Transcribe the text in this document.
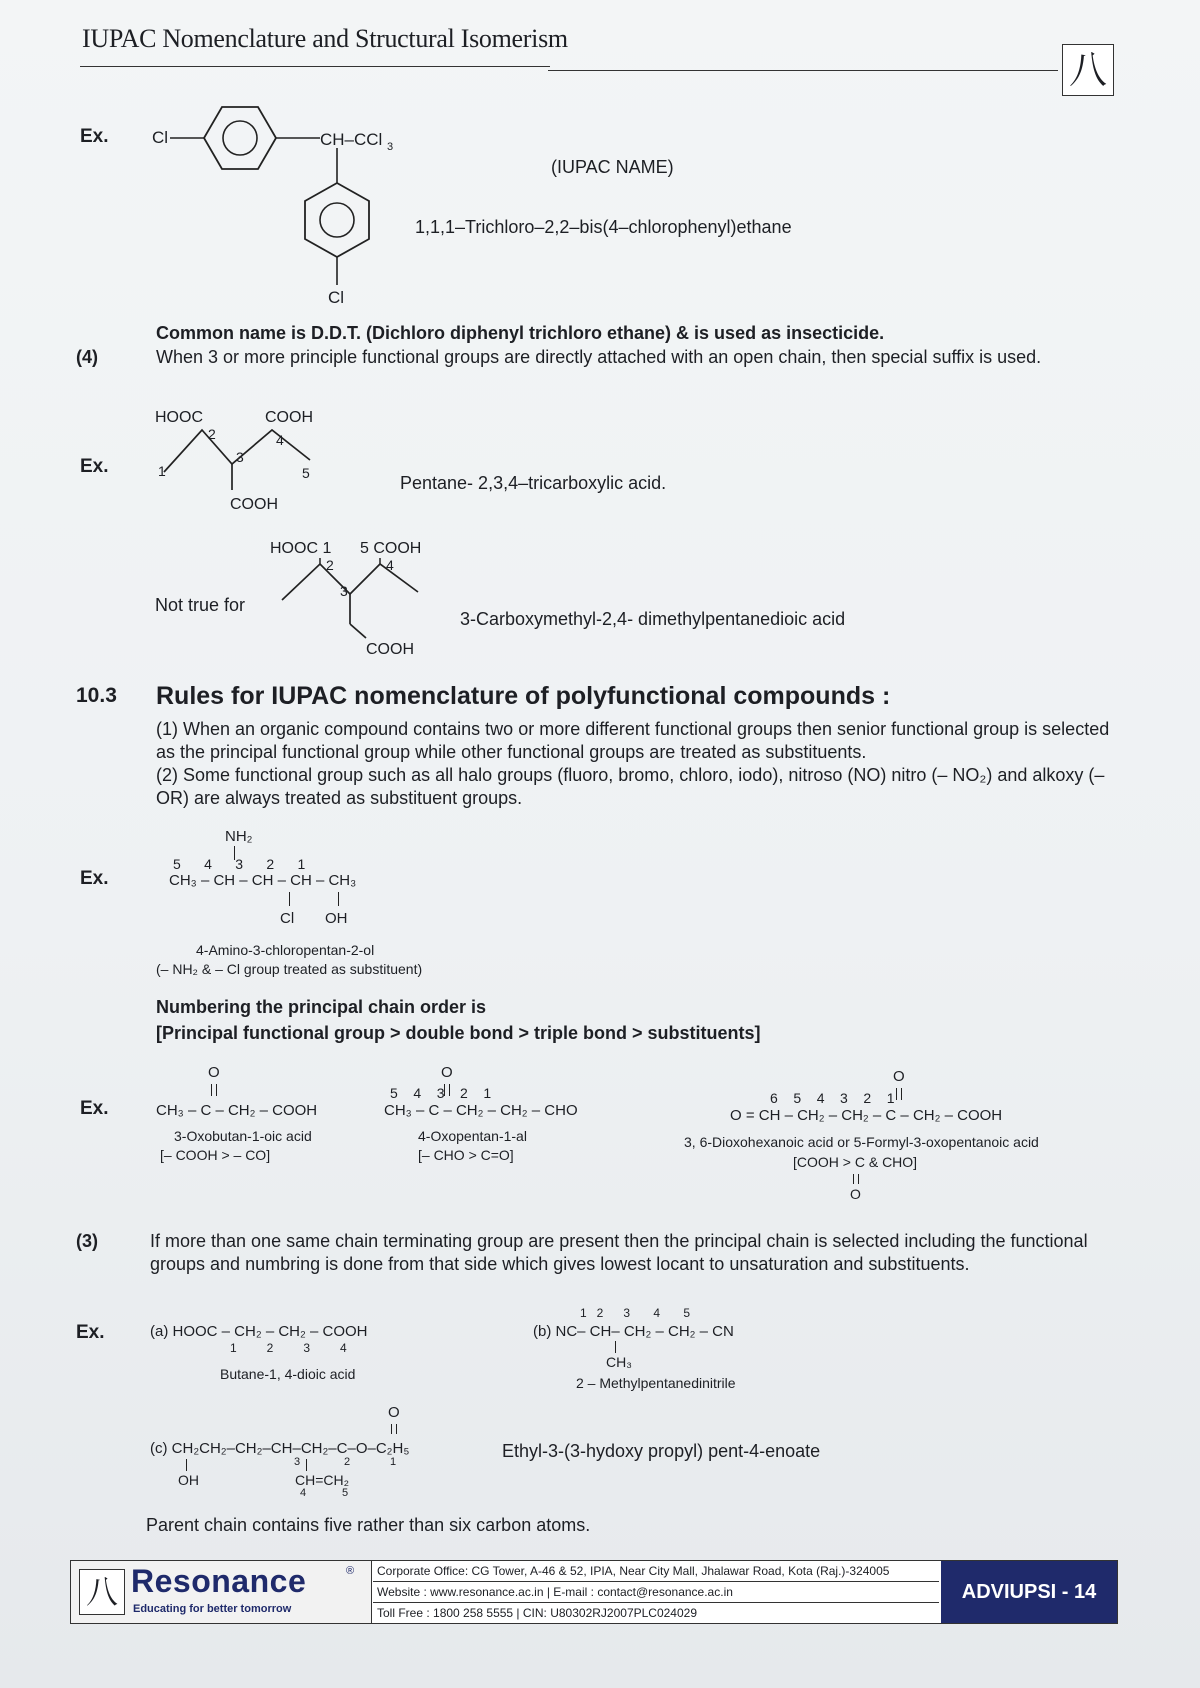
IUPAC Nomenclature and Structural Isomerism
八
Ex.	Cl	CH–CCl 3
Cl
(IUPAC NAME)
1,1,1–Trichloro–2,2–bis(4–chlorophenyl)ethane
Common name is D.D.T. (Dichloro diphenyl trichloro ethane) & is used as insecticide.
(4)	When 3 or more principle functional groups are directly attached with an open chain, then special suffix is used.
Ex.
HOOC	COOH
COOH
1
2
3
4
5	Pentane- 2,3,4–tricarboxylic acid.
Not true for
HOOC 1 5 COOH
COOH
2
3
4
3-Carboxymethyl-2,4- dimethylpentanedioic acid
10.3 Rules for IUPAC nomenclature of polyfunctional compounds :
(1) When an organic compound contains two or more different functional groups then senior functional group is selected as the principal functional group while other functional groups are treated as substituents.
(2) Some functional group such as all halo groups (fluoro, bromo, chloro, iodo), nitroso (NO) nitro (– NO₂) and alkoxy (–OR) are always treated as substituent groups.
Ex.
NH₂
5      4      3      2      1
CH₃ – CH – CH – CH – CH₃
Cl OH
4-Amino-3-chloropentan-2-ol
(– NH₂ & – Cl group treated as substituent)
Numbering the principal chain order is
[Principal functional group > double bond > triple bond > substituents]
Ex.
O
CH₃ – C – CH₂ – COOH
3-Oxobutan-1-oic acid
[– COOH > – CO]
O
5    4    3    2    1
CH₃ – C – CH₂ – CH₂ – CHO
4-Oxopentan-1-al
[– CHO > C=O]
O
6    5    4    3    2    1
O = CH – CH₂ – CH₂ – C – CH₂ – COOH
3, 6-Dioxohexanoic acid or 5-Formyl-3-oxopentanoic acid
[COOH > C & CHO]
O
(3)	If more than one same chain terminating group are present then the principal chain is selected including the functional groups and numbring is done from that side which gives lowest locant to unsaturation and substituents.
Ex.	(a) HOOC – CH₂ – CH₂ – COOH
1         2         3         4
Butane-1, 4-dioic acid
1   2      3       4       5
(b) NC– CH– CH₂ – CH₂ – CN
CH₃
2 – Methylpentanedinitrile
O
(c) CH₂CH₂–CH₂–CH–CH₂–C–O–C₂H₅
OH	CH=CH₂
3	2	1
4	5
Ethyl-3-(3-hydoxy propyl) pent-4-enoate
Parent chain contains five rather than six carbon atoms.
八 Resonance	®
Educating for better tomorrow
Corporate Office: CG Tower, A-46 & 52, IPIA, Near City Mall, Jhalawar Road, Kota (Raj.)-324005
Website : www.resonance.ac.in | E-mail : contact@resonance.ac.in
Toll Free : 1800 258 5555 | CIN: U80302RJ2007PLC024029
ADVIUPSI - 14
